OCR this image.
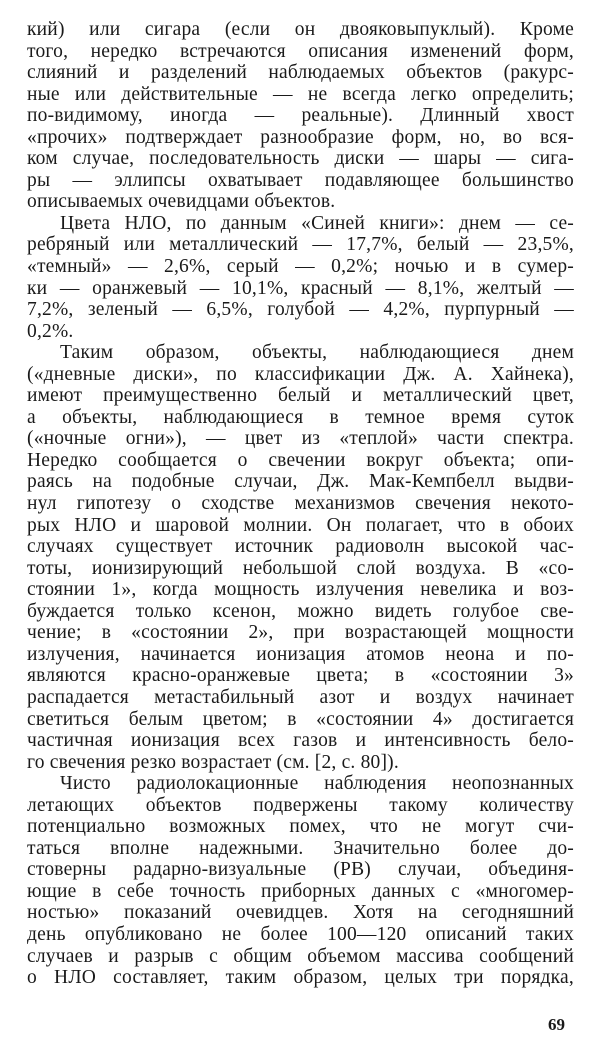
кий) или сигара (если он двояковыпуклый). Кроме
того, нередко встречаются описания изменений форм,
слияний и разделений наблюдаемых объектов (ракурс-
ные или действительные — не всегда легко определить;
по-видимому, иногда — реальные). Длинный хвост
«прочих» подтверждает разнообразие форм, но, во вся-
ком случае, последовательность диски — шары — сига-
ры — эллипсы охватывает подавляющее большинство
описываемых очевидцами объектов.
Цвета НЛО, по данным «Синей книги»: днем — се-
ребряный или металлический — 17,7%, белый — 23,5%,
«темный» — 2,6%, серый — 0,2%; ночью и в сумер-
ки — оранжевый — 10,1%, красный — 8,1%, желтый —
7,2%, зеленый — 6,5%, голубой — 4,2%, пурпурный —
0,2%.
Таким образом, объекты, наблюдающиеся днем
(«дневные диски», по классификации Дж. А. Хайнека),
имеют преимущественно белый и металлический цвет,
а объекты, наблюдающиеся в темное время суток
(«ночные огни»), — цвет из «теплой» части спектра.
Нередко сообщается о свечении вокруг объекта; опи-
раясь на подобные случаи, Дж. Мак-Кемпбелл выдви-
нул гипотезу о сходстве механизмов свечения некото-
рых НЛО и шаровой молнии. Он полагает, что в обоих
случаях существует источник радиоволн высокой час-
тоты, ионизирующий небольшой слой воздуха. В «со-
стоянии 1», когда мощность излучения невелика и воз-
буждается только ксенон, можно видеть голубое све-
чение; в «состоянии 2», при возрастающей мощности
излучения, начинается ионизация атомов неона и по-
являются красно-оранжевые цвета; в «состоянии 3»
распадается метастабильный азот и воздух начинает
светиться белым цветом; в «состоянии 4» достигается
частичная ионизация всех газов и интенсивность бело-
го свечения резко возрастает (см. [2, с. 80]).
Чисто радиолокационные наблюдения неопознанных
летающих объектов подвержены такому количеству
потенциально возможных помех, что не могут счи-
таться вполне надежными. Значительно более до-
стоверны радарно-визуальные (РВ) случаи, объединя-
ющие в себе точность приборных данных с «многомер-
ностью» показаний очевидцев. Хотя на сегодняшний
день опубликовано не более 100—120 описаний таких
случаев и разрыв с общим объемом массива сообщений
о НЛО составляет, таким образом, целых три порядка,
69
